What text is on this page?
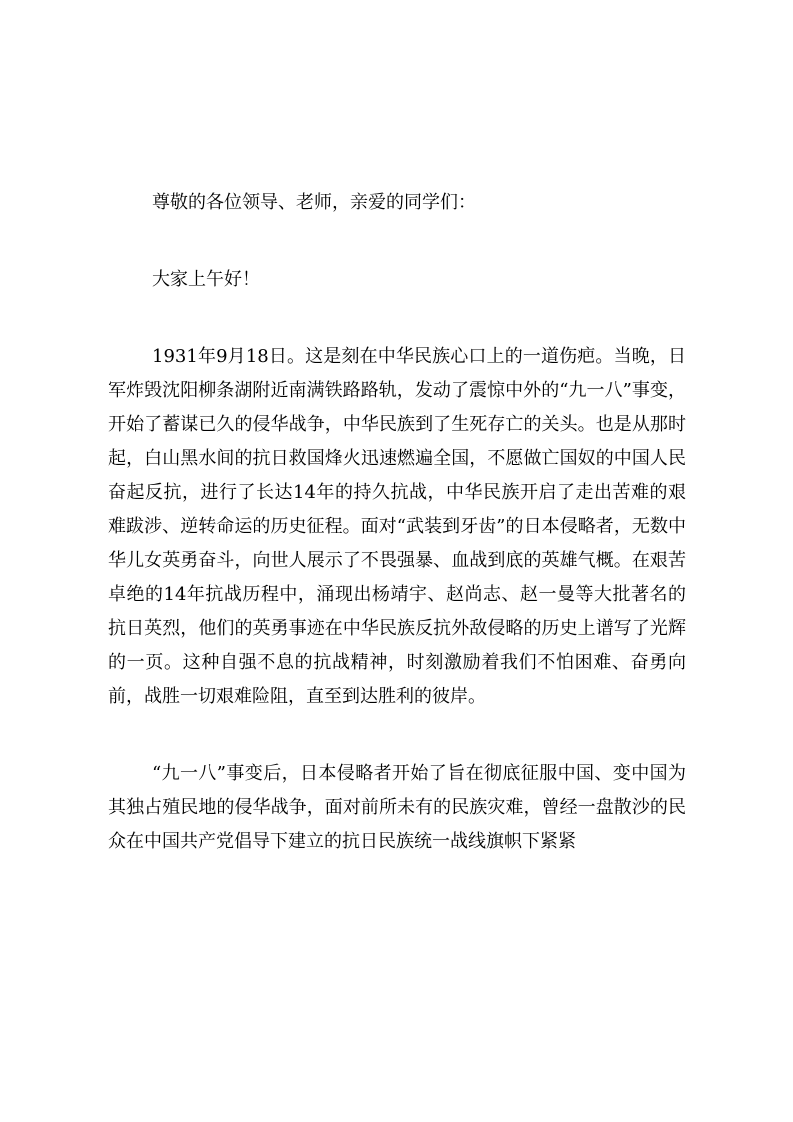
尊敬的各位领导、老师，亲爱的同学们：

大家上午好！

1931年9月18日。这是刻在中华民族心口上的一道伤疤。当晚，日军炸毁沈阳柳条湖附近南满铁路路轨，发动了震惊中外的“九一八”事变，开始了蓄谋已久的侵华战争，中华民族到了生死存亡的关头。也是从那时起，白山黑水间的抗日救国烽火迅速燃遍全国，不愿做亡国奴的中国人民奋起反抗，进行了长达14年的持久抗战，中华民族开启了走出苦难的艰难跋涉、逆转命运的历史征程。面对“武装到牙齿”的日本侵略者，无数中华儿女英勇奋斗，向世人展示了不畏强暴、血战到底的英雄气概。在艰苦卓绝的14年抗战历程中，涌现出杨靖宇、赵尚志、赵一曼等大批著名的抗日英烈，他们的英勇事迹在中华民族反抗外敌侵略的历史上谱写了光辉的一页。这种自强不息的抗战精神，时刻激励着我们不怕困难、奋勇向前，战胜一切艰难险阻，直至到达胜利的彼岸。

“九一八”事变后，日本侵略者开始了旨在彻底征服中国、变中国为其独占殖民地的侵华战争，面对前所未有的民族灾难，曾经一盘散沙的民众在中国共产党倡导下建立的抗日民族统一战线旗帜下紧紧
